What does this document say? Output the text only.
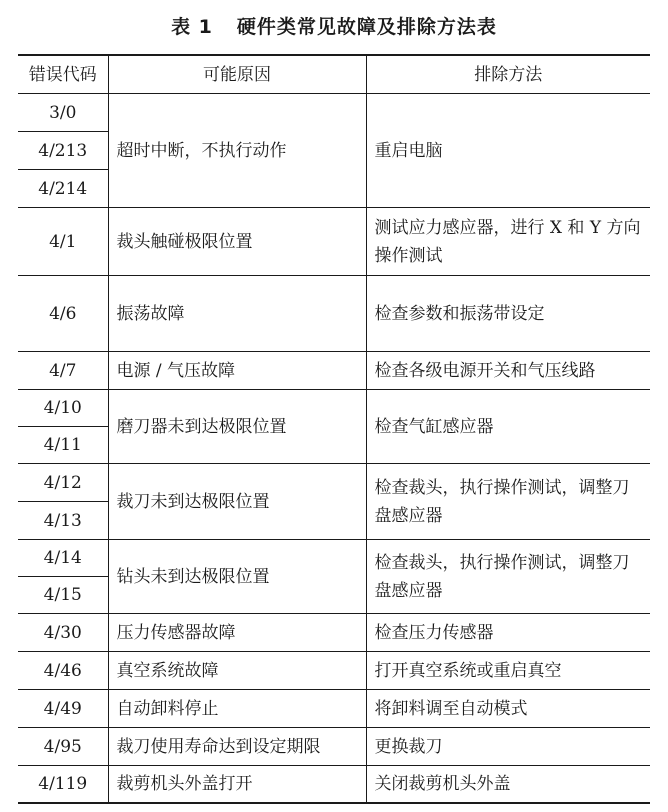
表 1 硬件类常见故障及排除方法表
错误代码	可能原因	排除方法
3/0	超时中断，不执行动作	重启电脑
4/213		
4/214		
4/1	裁头触碰极限位置	测试应力感应器，进行 X 和 Y 方向操作测试
4/6	振荡故障	检查参数和振荡带设定
4/7	电源 / 气压故障	检查各级电源开关和气压线路
4/10	磨刀器未到达极限位置	检查气缸感应器
4/11		
4/12	裁刀未到达极限位置	检查裁头，执行操作测试，调整刀盘感应器
4/13		
4/14	钻头未到达极限位置	检查裁头，执行操作测试，调整刀盘感应器
4/15		
4/30	压力传感器故障	检查压力传感器
4/46	真空系统故障	打开真空系统或重启真空
4/49	自动卸料停止	将卸料调至自动模式
4/95	裁刀使用寿命达到设定期限	更换裁刀
4/119	裁剪机头外盖打开	关闭裁剪机头外盖
